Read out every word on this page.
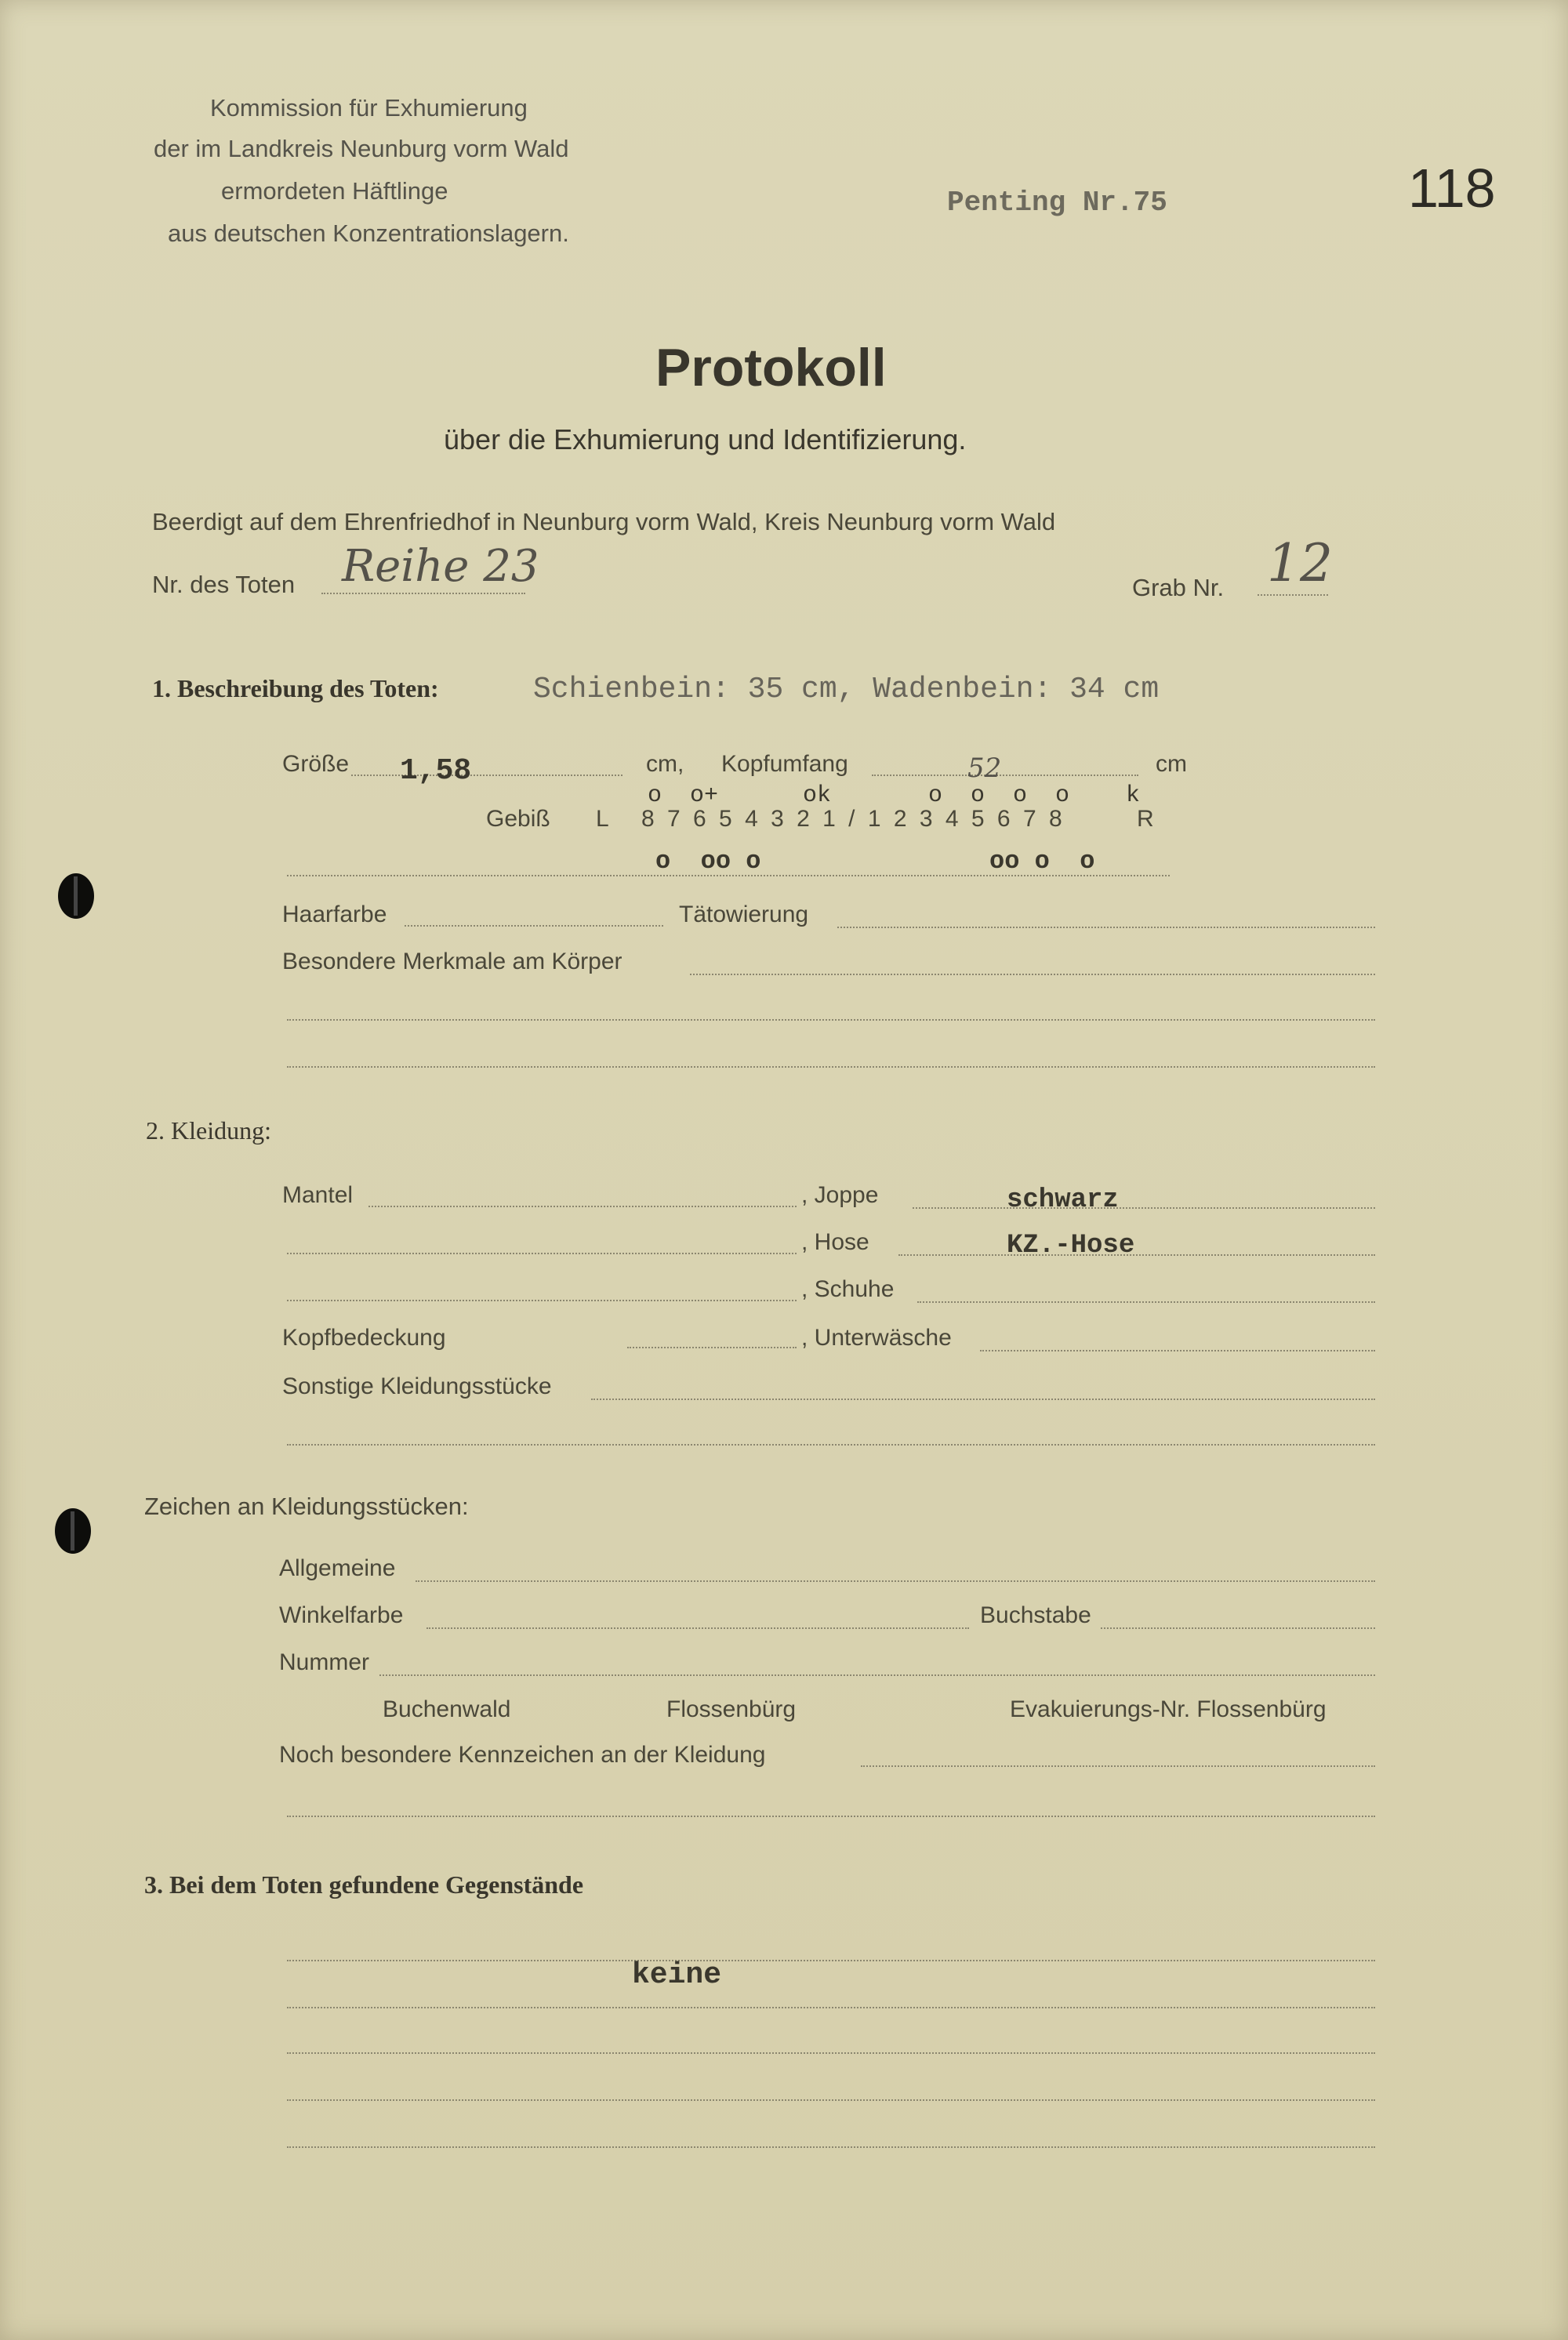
Kommission für Exhumierung
der im Landkreis Neunburg vorm Wald
ermordeten Häftlinge
aus deutschen Konzentrationslagern.
Penting Nr.75	118
Protokoll
über die Exhumierung und Identifizierung.
Beerdigt auf dem Ehrenfriedhof in Neunburg vorm Wald, Kreis Neunburg vorm Wald
Nr. des Toten Reihe 23	Grab Nr. 12
1. Beschreibung des Toten:	Schienbein: 35 cm, Wadenbein: 34 cm
Größe 1,58	cm, Kopfumfang	52	cm
o  o+      ok	o  o  o  o    k
Gebiß L 8 7 6 5 4 3 2 1 / 1 2 3 4 5 6 7 8	R
o  oo o	oo o  o
Haarfarbe	Tätowierung
Besondere Merkmale am Körper
2. Kleidung:
Mantel	, Joppe	schwarz
, Hose	KZ.-Hose
, Schuhe
Kopfbedeckung	, Unterwäsche
Sonstige Kleidungsstücke
Zeichen an Kleidungsstücken:
Allgemeine
Winkelfarbe	Buchstabe
Nummer
Buchenwald	Flossenbürg	Evakuierungs-Nr. Flossenbürg
Noch besondere Kennzeichen an der Kleidung
3. Bei dem Toten gefundene Gegenstände
keine
